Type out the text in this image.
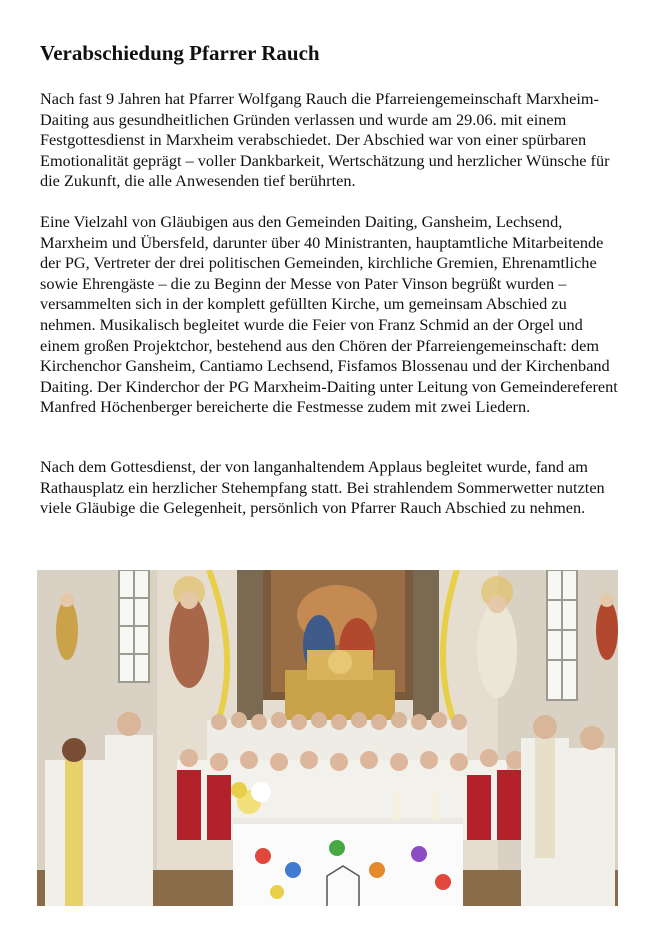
Verabschiedung Pfarrer Rauch

Nach fast 9 Jahren hat Pfarrer Wolfgang Rauch die Pfarreiengemeinschaft Marxheim-Daiting aus gesundheitlichen Gründen verlassen und wurde am 29.06. mit einem Festgottesdienst in Marxheim verabschiedet. Der Abschied war von einer spürbaren Emotionalität geprägt – voller Dankbarkeit, Wertschätzung und herzlicher Wünsche für die Zukunft, die alle Anwesenden tief berührten.

Eine Vielzahl von Gläubigen aus den Gemeinden Daiting, Gansheim, Lechsend, Marxheim und Übersfeld, darunter über 40 Ministranten, hauptamtliche Mitarbeitende der PG, Vertreter der drei politischen Gemeinden, kirchliche Gremien, Ehrenamtliche sowie Ehrengäste – die zu Beginn der Messe von Pater Vinson begrüßt wurden – versammelten sich in der komplett gefüllten Kirche, um gemeinsam Abschied zu nehmen. Musikalisch begleitet wurde die Feier von Franz Schmid an der Orgel und einem großen Projektchor, bestehend aus den Chören der Pfarreiengemeinschaft: dem Kirchenchor Gansheim, Cantiamo Lechsend, Fisfamos Blossenau und der Kirchenband Daiting. Der Kinderchor der PG Marxheim-Daiting unter Leitung von Gemeindereferent Manfred Höchenberger bereicherte die Festmesse zudem mit zwei Liedern.

Nach dem Gottesdienst, der von langanhaltendem Applaus begleitet wurde, fand am Rathausplatz ein herzlicher Stehempfang statt. Bei strahlendem Sommerwetter nutzten viele Gläubige die Gelegenheit, persönlich von Pfarrer Rauch Abschied zu nehmen.
